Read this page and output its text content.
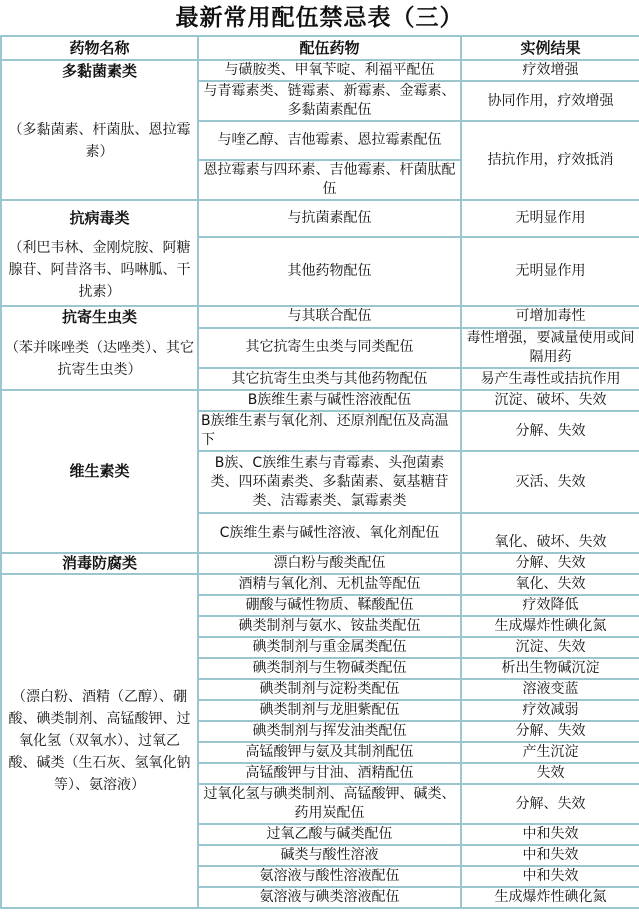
最新常用配伍禁忌表（三）
药物名称	配伍药物	实例结果

多黏菌素类
（多黏菌素、杆菌肽、恩拉霉素）	与磺胺类、甲氧苄啶、利福平配伍	疗效增强
	与青霉素类、链霉素、新霉素、金霉素、多黏菌素配伍	协同作用，疗效增强
	与喹乙醇、吉他霉素、恩拉霉素配伍	拮抗作用，疗效抵消
	恩拉霉素与四环素、吉他霉素、杆菌肽配伍	

抗病毒类
（利巴韦林、金刚烷胺、阿糖腺苷、阿昔洛韦、吗啉胍、干扰素）	与抗菌素配伍	无明显作用
	其他药物配伍	无明显作用

抗寄生虫类
（苯并咪唑类（达唑类）、其它抗寄生虫类）	与其联合配伍	可增加毒性
	其它抗寄生虫类与同类配伍	毒性增强，要减量使用或间隔用药
	其它抗寄生虫类与其他药物配伍	易产生毒性或拮抗作用
维生素类	B族维生素与碱性溶液配伍	沉淀、破坏、失效
	B族维生素与氧化剂、还原剂配伍及高温下	分解、失效
	B族、C族维生素与青霉素、头孢菌素类、四环菌素类、多黏菌素、氨基糖苷类、洁霉素类、氯霉素类	灭活、失效
	C族维生素与碱性溶液、氧化剂配伍	氧化、破坏、失效
消毒防腐类	漂白粉与酸类配伍	分解、失效
（漂白粉、酒精（乙醇）、硼酸、碘类制剂、高锰酸钾、过氧化氢（双氧水）、过氧乙酸、碱类（生石灰、氢氧化钠等）、氨溶液）	酒精与氧化剂、无机盐等配伍	氧化、失效
	硼酸与碱性物质、鞣酸配伍	疗效降低
	碘类制剂与氨水、铵盐类配伍	生成爆炸性碘化氮
	碘类制剂与重金属类配伍	沉淀、失效
	碘类制剂与生物碱类配伍	析出生物碱沉淀
	碘类制剂与淀粉类配伍	溶液变蓝
	碘类制剂与龙胆紫配伍	疗效减弱
	碘类制剂与挥发油类配伍	分解、失效
	高锰酸钾与氨及其制剂配伍	产生沉淀
	高锰酸钾与甘油、酒精配伍	失效
	过氧化氢与碘类制剂、高锰酸钾、碱类、药用炭配伍	分解、失效
	过氧乙酸与碱类配伍	中和失效
	碱类与酸性溶液	中和失效
	氨溶液与酸性溶液配伍	中和失效
	氨溶液与碘类溶液配伍	生成爆炸性碘化氮
